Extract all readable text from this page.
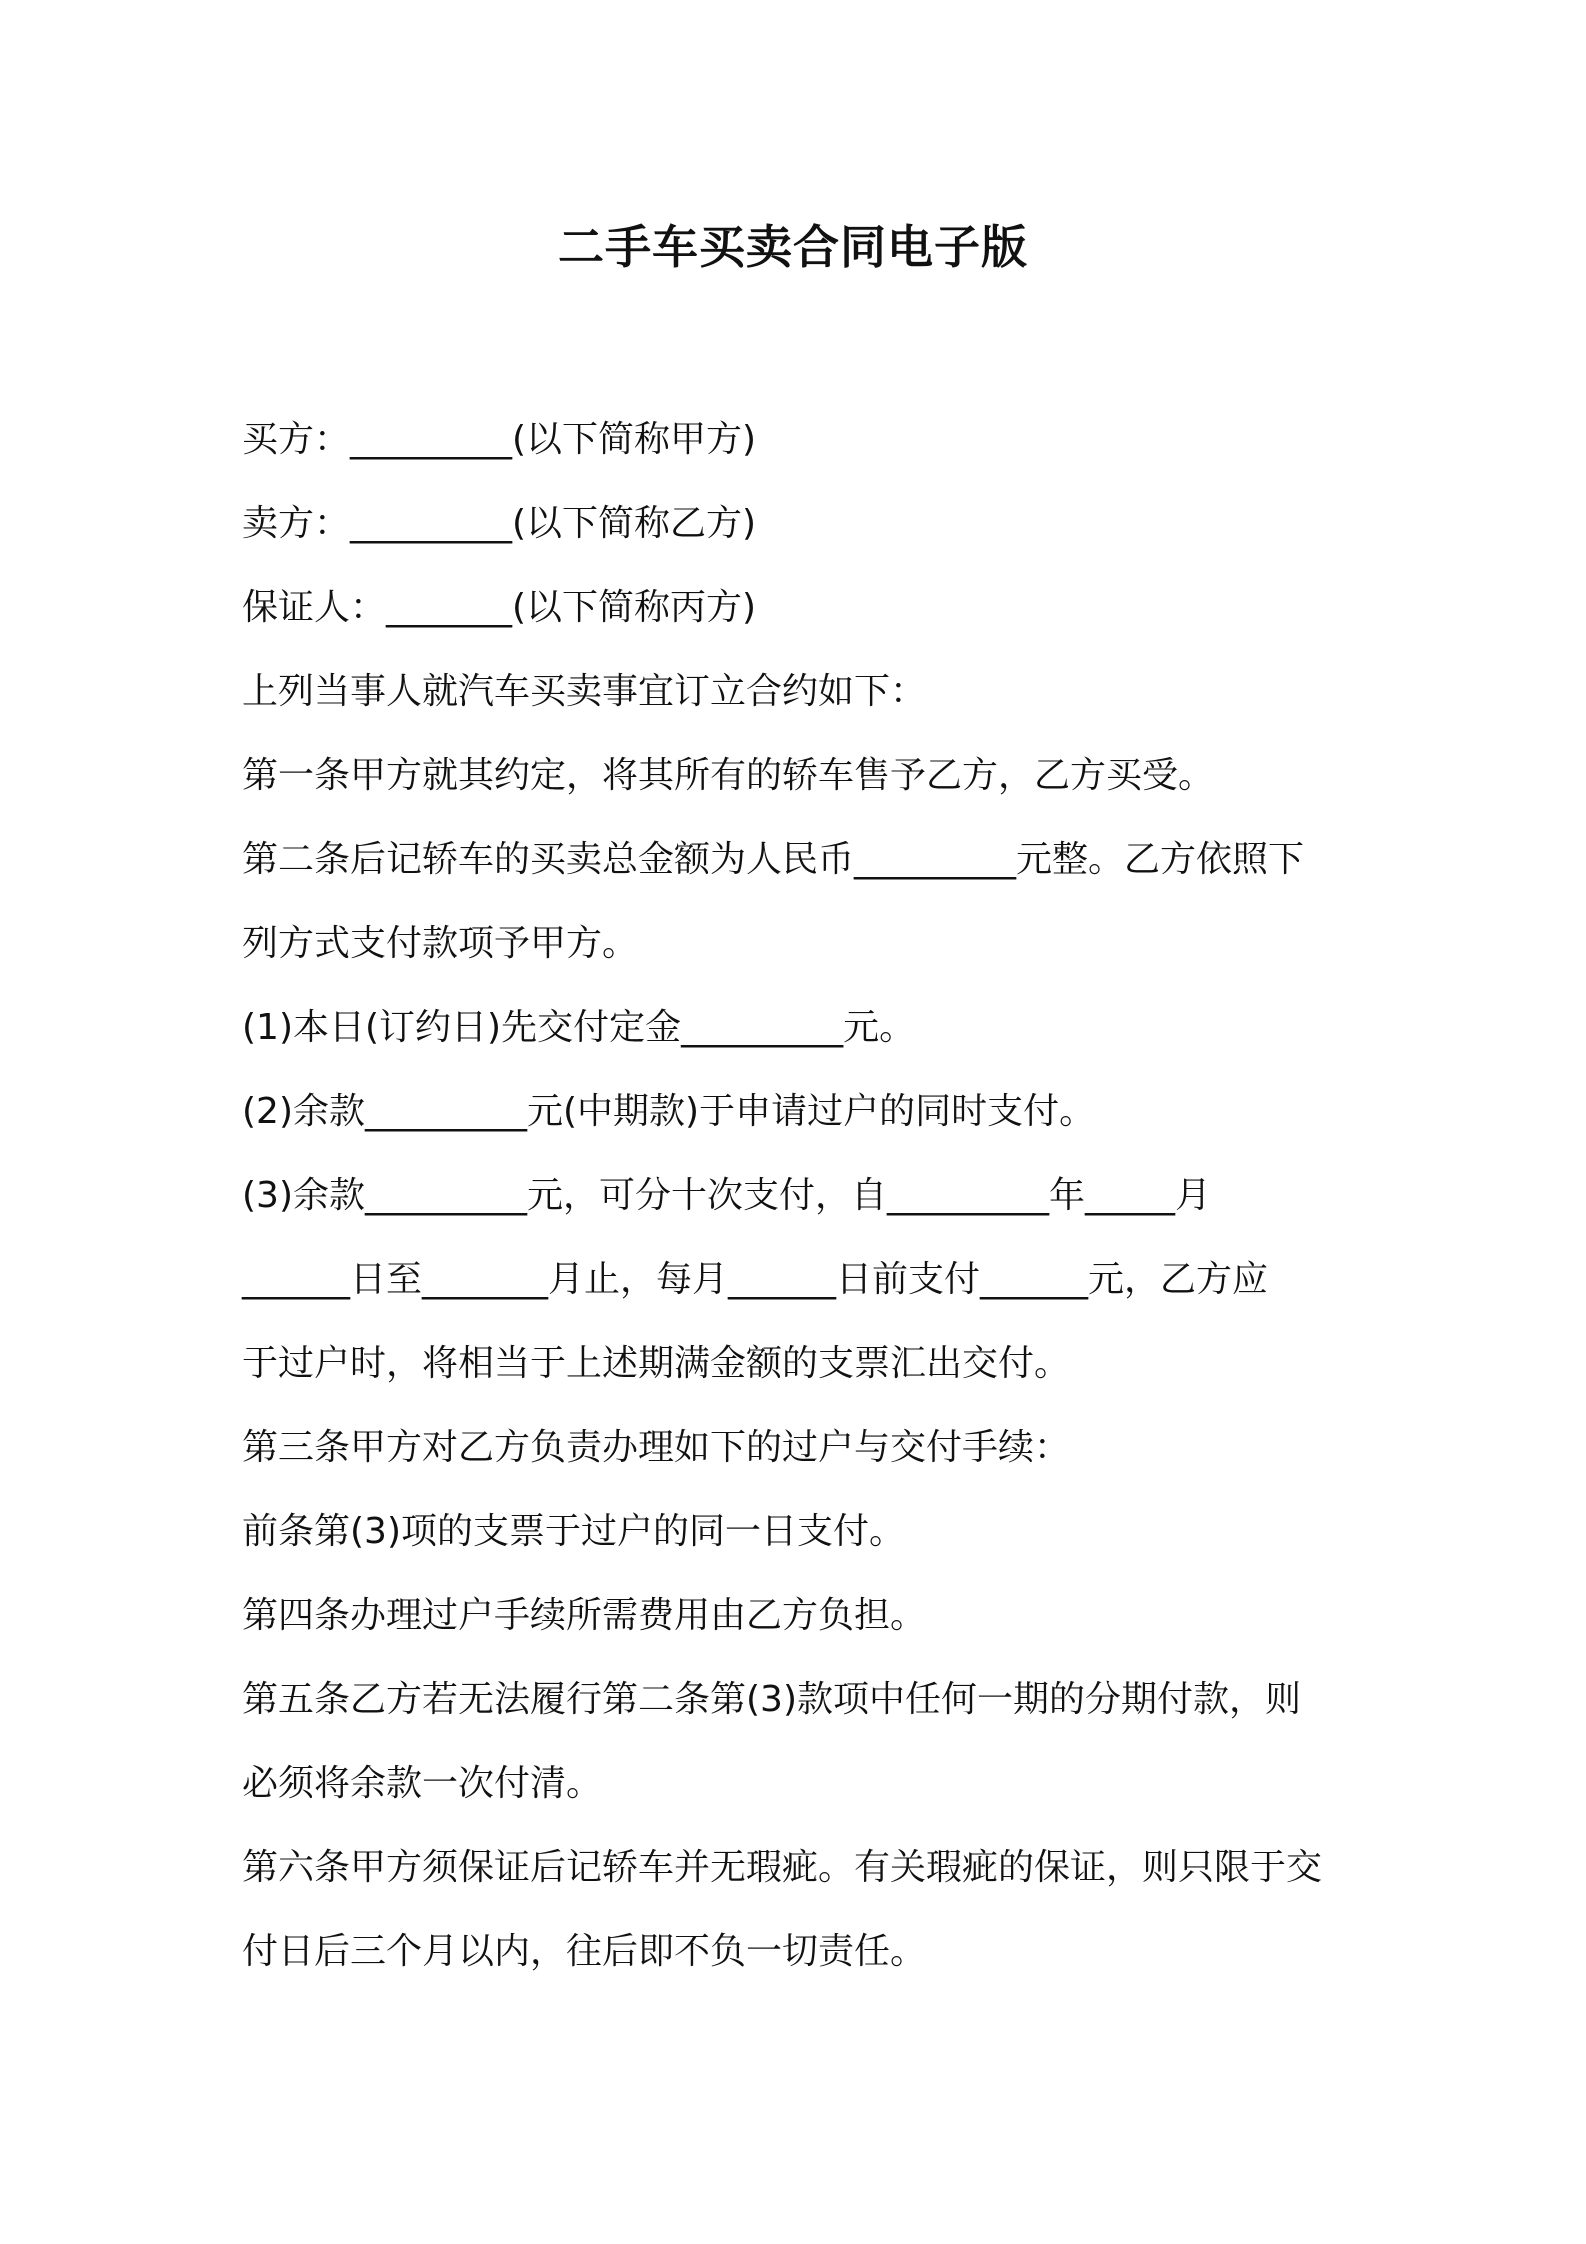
二手车买卖合同电子版
买方：_________(以下简称甲方)
卖方：_________(以下简称乙方)
保证人：_______(以下简称丙方)
上列当事人就汽车买卖事宜订立合约如下：
第一条甲方就其约定，将其所有的轿车售予乙方，乙方买受。
第二条后记轿车的买卖总金额为人民币_________元整。乙方依照下
列方式支付款项予甲方。
(1)本日(订约日)先交付定金_________元。
(2)余款_________元(中期款)于申请过户的同时支付。
(3)余款_________元，可分十次支付，自_________年_____月
______日至_______月止，每月______日前支付______元，乙方应
于过户时，将相当于上述期满金额的支票汇出交付。
第三条甲方对乙方负责办理如下的过户与交付手续：
前条第(3)项的支票于过户的同一日支付。
第四条办理过户手续所需费用由乙方负担。
第五条乙方若无法履行第二条第(3)款项中任何一期的分期付款，则
必须将余款一次付清。
第六条甲方须保证后记轿车并无瑕疵。有关瑕疵的保证，则只限于交
付日后三个月以内，往后即不负一切责任。
